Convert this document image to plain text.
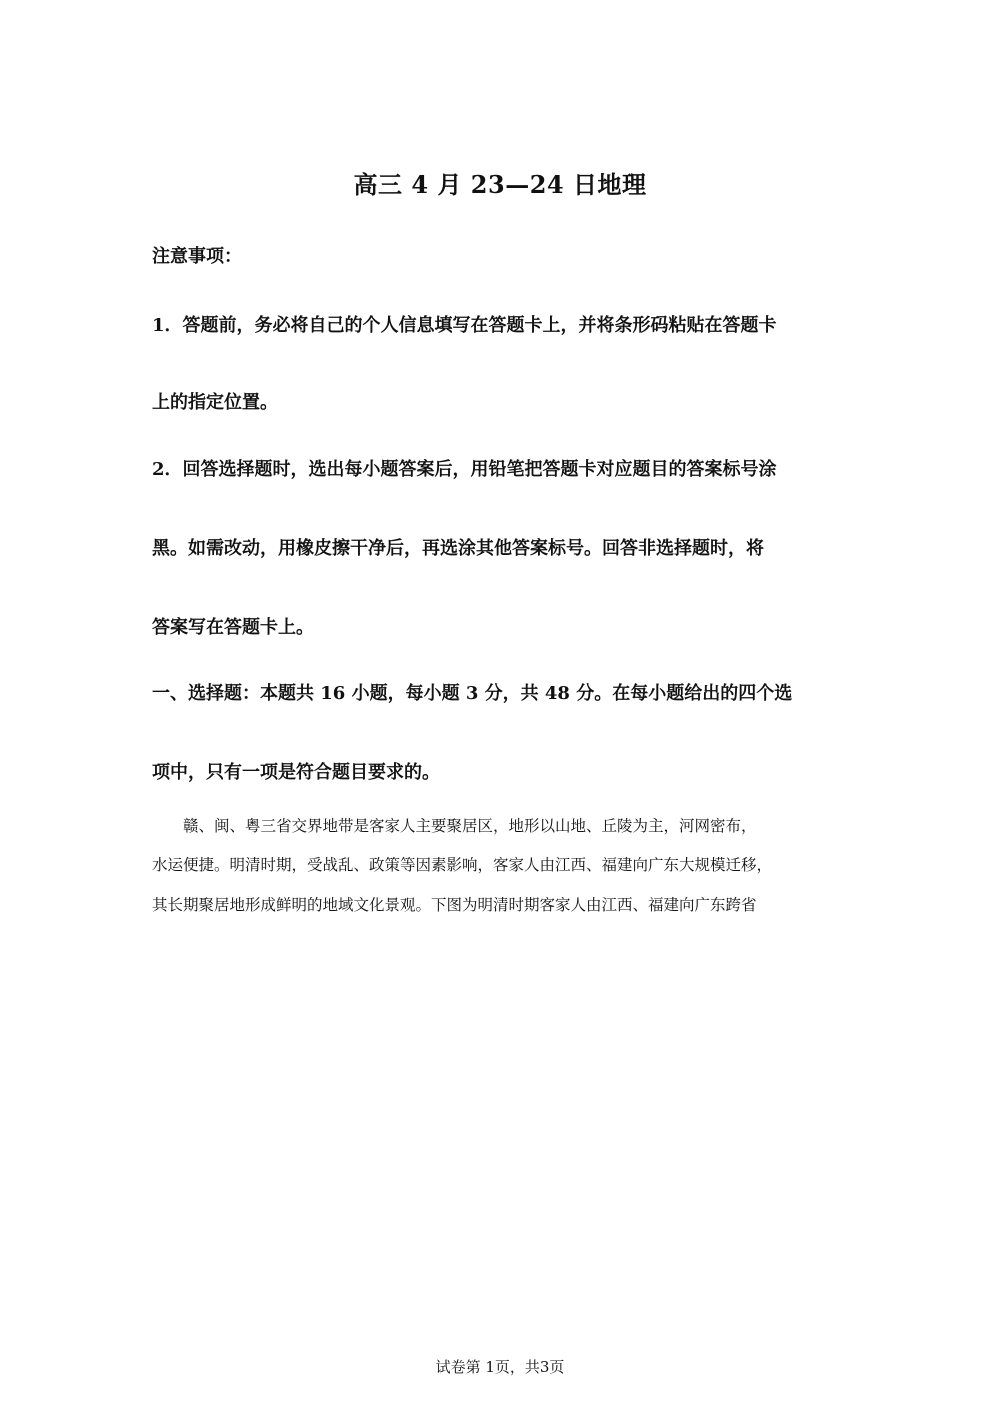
高三 4 月 23—24 日地理
注意事项：
1．答题前，务必将自己的个人信息填写在答题卡上，并将条形码粘贴在答题卡
上的指定位置。
2．回答选择题时，选出每小题答案后，用铅笔把答题卡对应题目的答案标号涂
黑。如需改动，用橡皮擦干净后，再选涂其他答案标号。回答非选择题时，将
答案写在答题卡上。
一、选择题：本题共 16 小题，每小题 3 分，共 48 分。在每小题给出的四个选
项中，只有一项是符合题目要求的。
　　赣、闽、粤三省交界地带是客家人主要聚居区，地形以山地、丘陵为主，河网密布，
水运便捷。明清时期，受战乱、政策等因素影响，客家人由江西、福建向广东大规模迁移，
其长期聚居地形成鲜明的地域文化景观。下图为明清时期客家人由江西、福建向广东跨省
试卷第 1页，共3页
